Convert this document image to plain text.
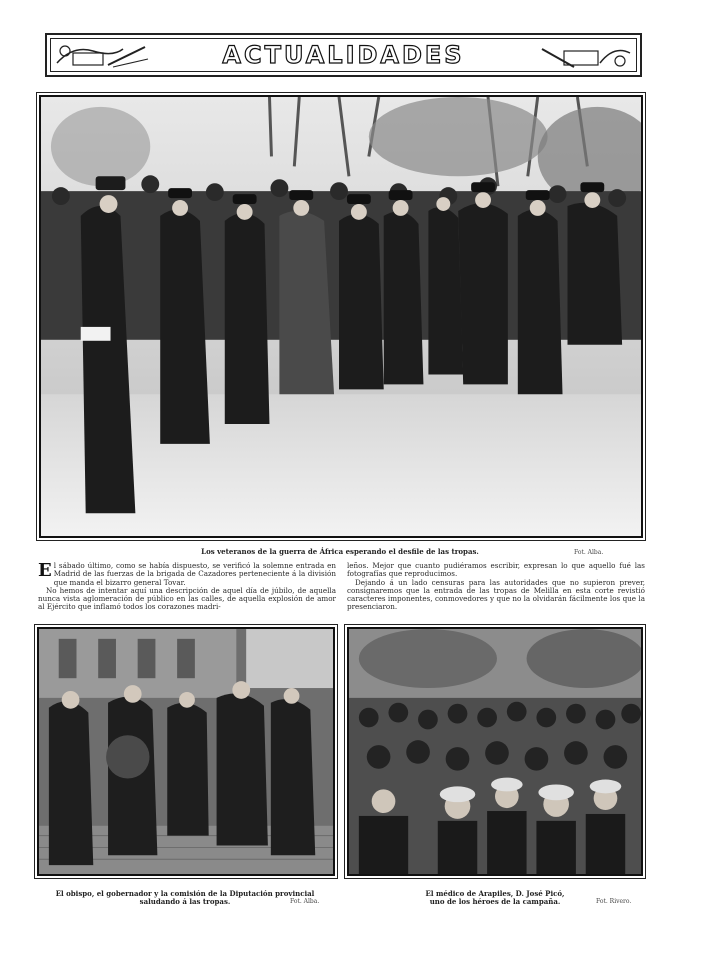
ACTUALIDADES
Los veteranos de la guerra de África esperando el desfile de las tropas.	Fot. Alba.

El sábado último, como se había dispuesto, se verificó la solemne entrada en Madrid de las fuerzas de la brigada de Cazadores perteneciente á la división que manda el bizarro general Tovar.

No hemos de intentar aquí una descripción de aquel día de júbilo, de aquella nunca vista aglomeración de público en las calles, de aquella explosión de amor al Ejército que inflamó todos los corazones madri-

leños. Mejor que cuanto pudiéramos escribir, expresan lo que aquello fué las fotografías que reproducimos.

Dejando á un lado censuras para las autoridades que no supieron prever, consignaremos que la entrada de las tropas de Melilla en esta corte revistió caracteres imponentes, conmovedores y que no la olvidarán fácilmente los que la presenciaron.

El obispo, el gobernador y la comisión de la Diputación provincial
saludando á las tropas.	Fot. Alba.
El médico de Arapiles, D. José Picó,
uno de los héroes de la campaña.	Fot. Rivero.
